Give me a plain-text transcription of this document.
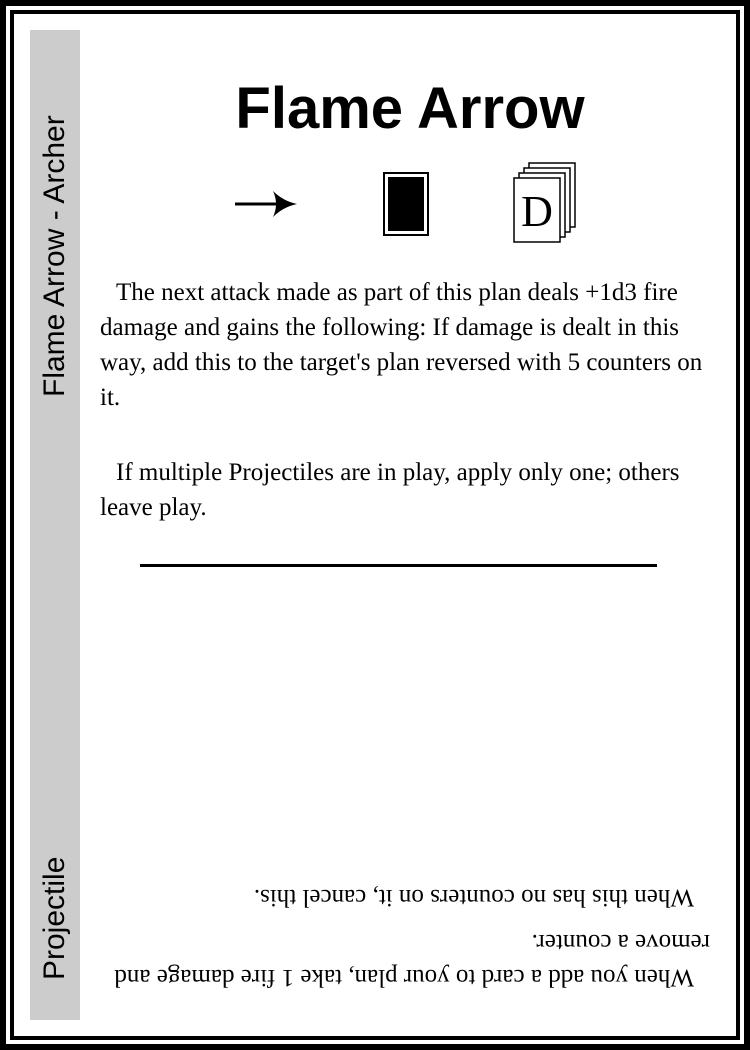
Flame Arrow - Archer
Projectile
Flame Arrow
D

The next attack made as part of this plan deals +1d3 fire damage and gains the following: If damage is dealt in this way, add this to the target's plan reversed with 5 counters on it.

If multiple Projectiles are in play, apply only one; others leave play.

When you add a card to your plan, take 1 fire damage and remove a counter.

When this has no counters on it, cancel this.
